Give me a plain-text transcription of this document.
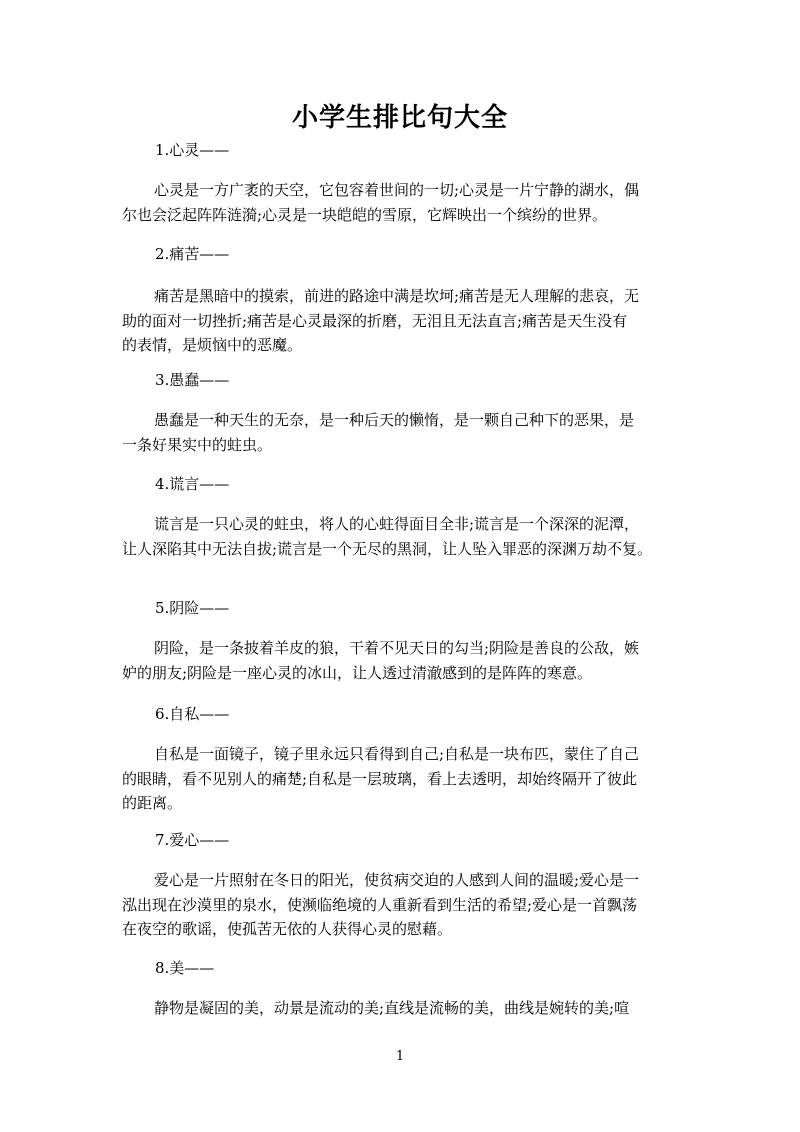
小学生排比句大全
1.心灵——
心灵是一方广袤的天空，它包容着世间的一切;心灵是一片宁静的湖水，偶
尔也会泛起阵阵涟漪;心灵是一块皑皑的雪原，它辉映出一个缤纷的世界。
2.痛苦——
痛苦是黑暗中的摸索，前进的路途中满是坎坷;痛苦是无人理解的悲哀，无
助的面对一切挫折;痛苦是心灵最深的折磨，无泪且无法直言;痛苦是天生没有
的表情，是烦恼中的恶魔。
3.愚蠢——
愚蠢是一种天生的无奈，是一种后天的懒惰，是一颗自己种下的恶果，是
一条好果实中的蛀虫。
4.谎言——
谎言是一只心灵的蛀虫，将人的心蛀得面目全非;谎言是一个深深的泥潭，
让人深陷其中无法自拔;谎言是一个无尽的黑洞，让人坠入罪恶的深渊万劫不复。
5.阴险——
阴险，是一条披着羊皮的狼，干着不见天日的勾当;阴险是善良的公敌，嫉
妒的朋友;阴险是一座心灵的冰山，让人透过清澈感到的是阵阵的寒意。
6.自私——
自私是一面镜子，镜子里永远只看得到自己;自私是一块布匹，蒙住了自己
的眼睛，看不见别人的痛楚;自私是一层玻璃，看上去透明，却始终隔开了彼此
的距离。
7.爱心——
爱心是一片照射在冬日的阳光，使贫病交迫的人感到人间的温暖;爱心是一
泓出现在沙漠里的泉水，使濒临绝境的人重新看到生活的希望;爱心是一首飘荡
在夜空的歌谣，使孤苦无依的人获得心灵的慰藉。
8.美——
静物是凝固的美，动景是流动的美;直线是流畅的美，曲线是婉转的美;喧
1
